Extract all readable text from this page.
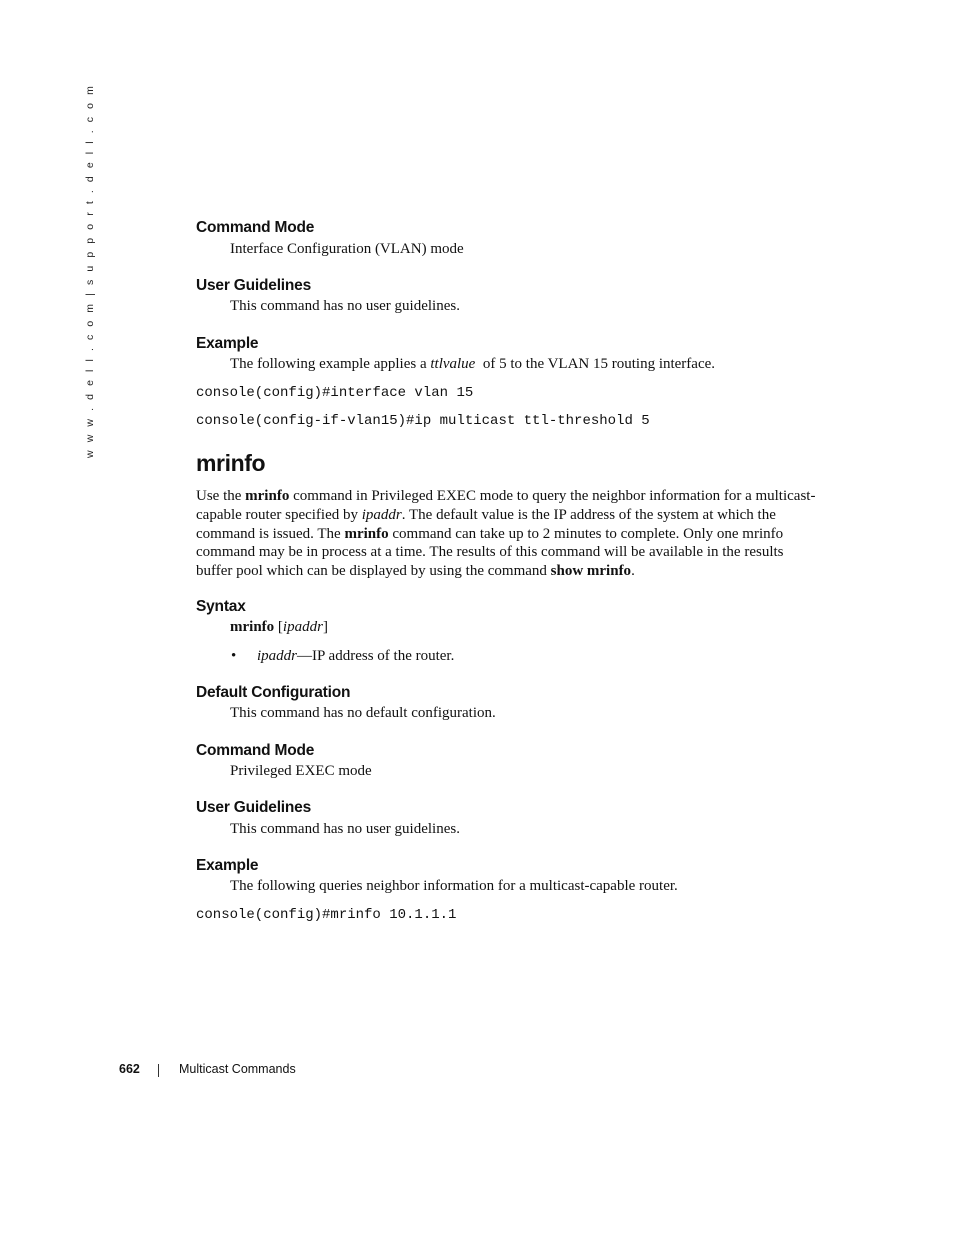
w w w . d e l l . c o m | s u p p o r t . d e l l . c o m	Command Mode
Interface Configuration (VLAN) mode
User Guidelines
This command has no user guidelines.
Example
The following example applies a ttlvalue  of 5 to the VLAN 15 routing interface.
console(config)#interface vlan 15
console(config-if-vlan15)#ip multicast ttl-threshold 5
mrinfo
Use the mrinfo command in Privileged EXEC mode to query the neighbor information for a multicast-capable router specified by ipaddr. The default value is the IP address of the system at which the command is issued. The mrinfo command can take up to 2 minutes to complete. Only one mrinfo command may be in process at a time. The results of this command will be available in the results buffer pool which can be displayed by using the command show mrinfo.
Syntax
mrinfo [ipaddr]
• ipaddr—IP address of the router.
Default Configuration
This command has no default configuration.
Command Mode
Privileged EXEC mode
User Guidelines
This command has no user guidelines.
Example
The following queries neighbor information for a multicast-capable router.
console(config)#mrinfo 10.1.1.1
662	Multicast Commands
